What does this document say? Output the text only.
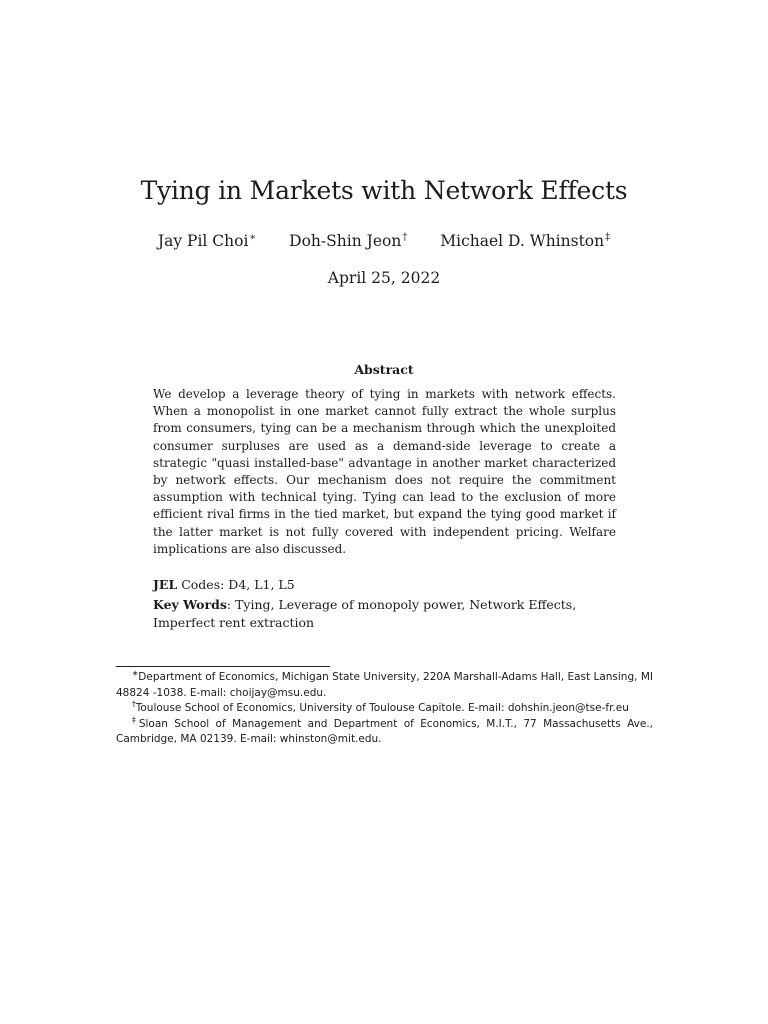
Tying in Markets with Network Effects
Jay Pil Choi∗ Doh-Shin Jeon† Michael D. Whinston‡
April 25, 2022
Abstract
We develop a leverage theory of tying in markets with network effects. When a monopolist in one market cannot fully extract the whole surplus from consumers, tying can be a mechanism through which the unexploited consumer surpluses are used as a demand-side leverage to create a strategic "quasi installed-base" advantage in another market characterized by network effects. Our mechanism does not require the commitment assumption with technical tying. Tying can lead to the exclusion of more efficient rival firms in the tied market, but expand the tying good market if the latter market is not fully covered with independent pricing. Welfare implications are also discussed.
JEL Codes: D4, L1, L5
Key Words: Tying, Leverage of monopoly power, Network Effects, Imperfect rent extraction
∗Department of Economics, Michigan State University, 220A Marshall-Adams Hall, East Lansing, MI 48824 -1038. E-mail: choijay@msu.edu.
†Toulouse School of Economics, University of Toulouse Capitole. E-mail: dohshin.jeon@tse-fr.eu
‡Sloan School of Management and Department of Economics, M.I.T., 77 Massachusetts Ave., Cambridge, MA 02139. E-mail: whinston@mit.edu.
